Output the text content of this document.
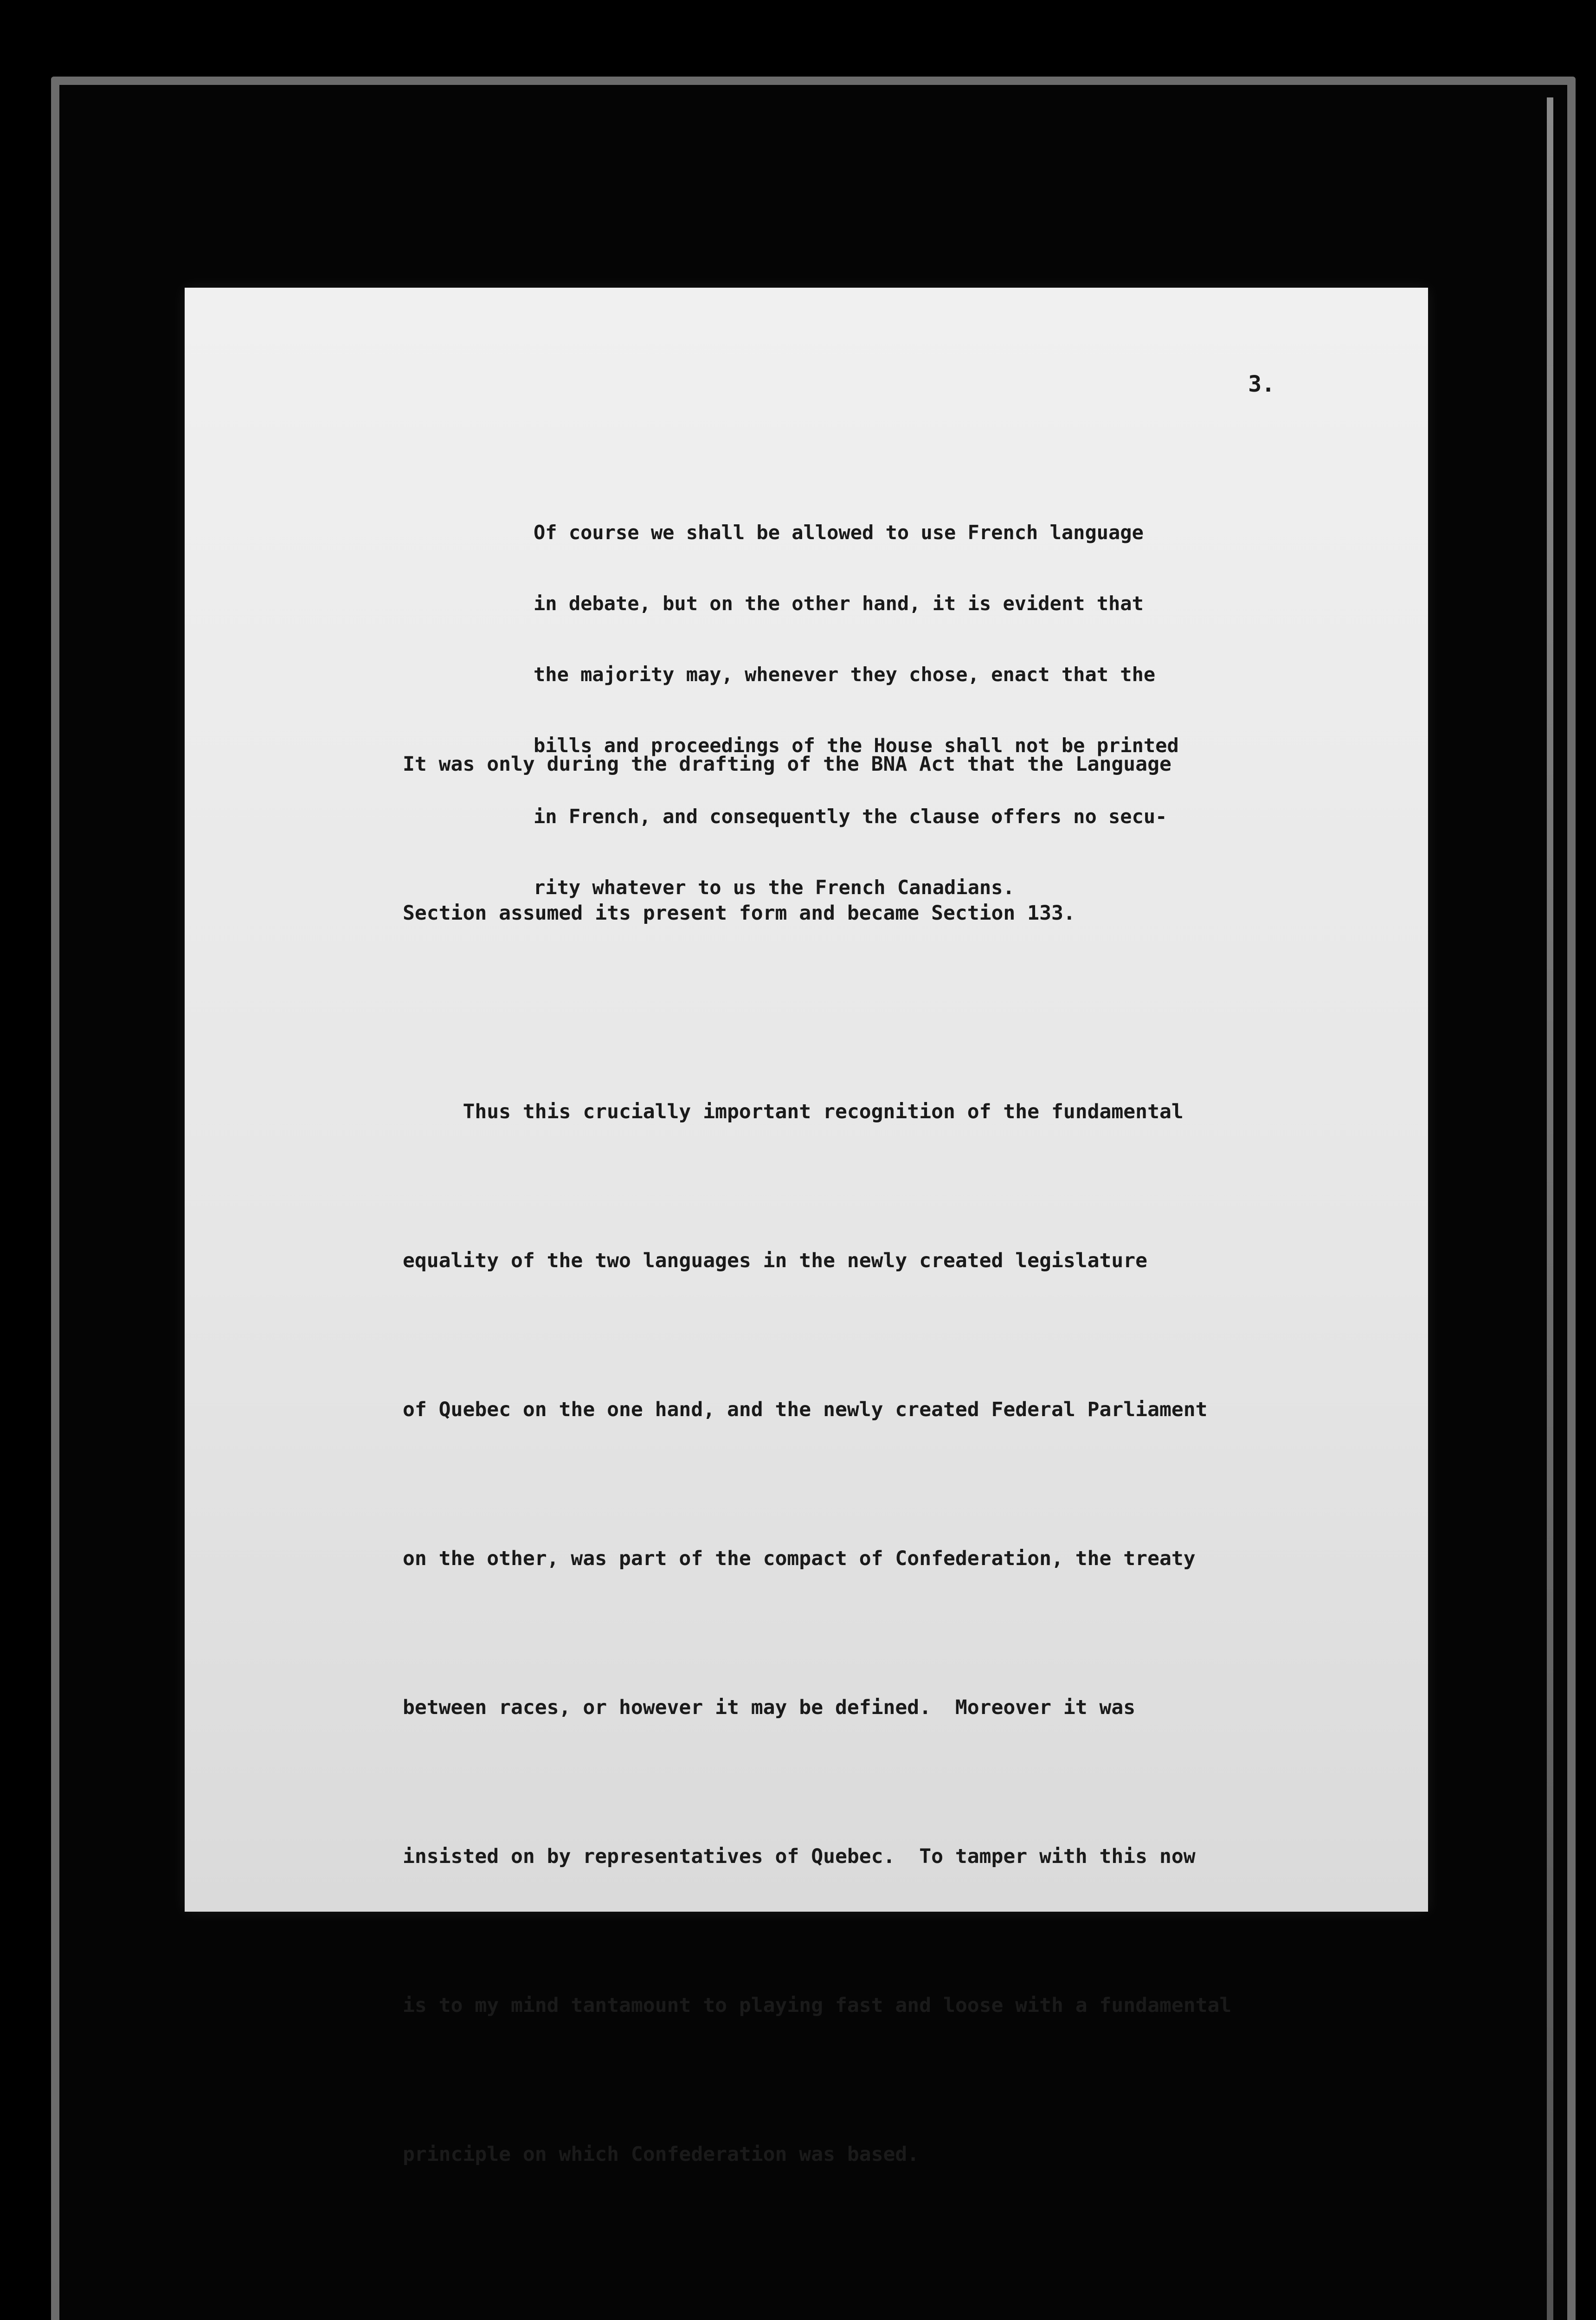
3.

Of course we shall be allowed to use French language

in debate, but on the other hand, it is evident that

the majority may, whenever they chose, enact that the

bills and proceedings of the House shall not be printed

in French, and consequently the clause offers no secu-

rity whatever to us the French Canadians.

It was only during the drafting of the BNA Act that the Language

Section assumed its present form and became Section 133.

Thus this crucially important recognition of the fundamental

equality of the two languages in the newly created legislature

of Quebec on the one hand, and the newly created Federal Parliament

on the other, was part of the compact of Confederation, the treaty

between races, or however it may be defined.  Moreover it was

insisted on by representatives of Quebec.  To tamper with this now

is to my mind tantamount to playing fast and loose with a fundamental

principle on which Confederation was based.
